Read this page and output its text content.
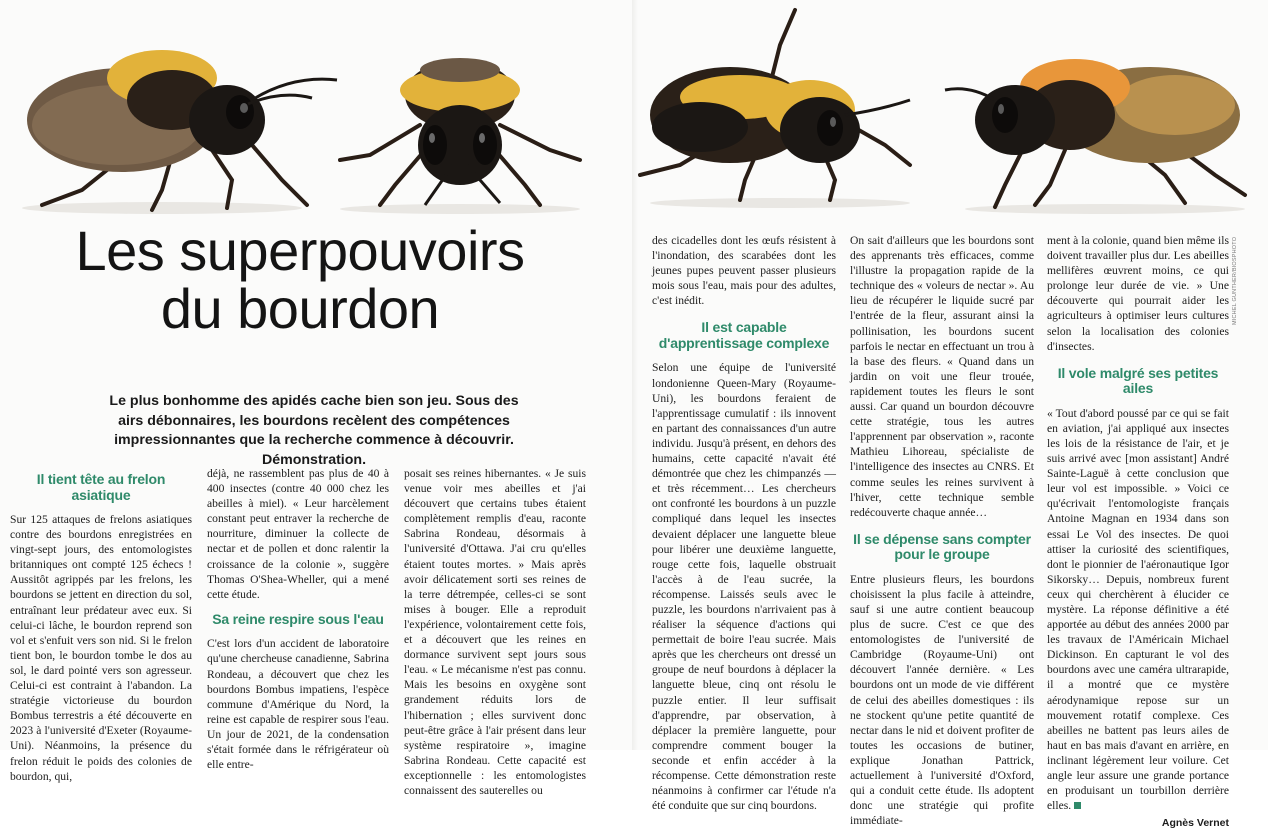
MICHEL GUNTHER/BIOSPHOTO
Les superpouvoirs
du bourdon

Le plus bonhomme des apidés cache bien son jeu. Sous des airs débonnaires, les bourdons recèlent des compétences impressionnantes que la recherche commence à découvrir. Démonstration.

Il tient tête au frelon asiatique

Sur 125 attaques de frelons asiatiques contre des bourdons enregistrées en vingt-sept jours, des entomologistes britanniques ont compté 125 échecs ! Aussitôt agrippés par les frelons, les bourdons se jettent en direction du sol, entraînant leur prédateur avec eux. Si celui-ci lâche, le bourdon reprend son vol et s'enfuit vers son nid. Si le frelon tient bon, le bourdon tombe le dos au sol, le dard pointé vers son agresseur. Celui-ci est contraint à l'abandon. La stratégie victorieuse du bourdon Bombus terrestris a été découverte en 2023 à l'université d'Exeter (Royaume-Uni). Néanmoins, la présence du frelon réduit le poids des colonies de bourdon, qui,

déjà, ne rassemblent pas plus de 40 à 400 insectes (contre 40 000 chez les abeilles à miel). « Leur harcèlement constant peut entraver la recherche de nourriture, diminuer la collecte de nectar et de pollen et donc ralentir la croissance de la colonie », suggère Thomas O'Shea-Wheller, qui a mené cette étude.

Sa reine respire sous l'eau

C'est lors d'un accident de laboratoire qu'une chercheuse canadienne, Sabrina Rondeau, a découvert que chez les bourdons Bombus impatiens, l'espèce commune d'Amérique du Nord, la reine est capable de respirer sous l'eau. Un jour de 2021, de la condensation s'était formée dans le réfrigérateur où elle entre-

posait ses reines hibernantes. « Je suis venue voir mes abeilles et j'ai découvert que certains tubes étaient complètement remplis d'eau, raconte Sabrina Rondeau, désormais à l'université d'Ottawa. J'ai cru qu'elles étaient toutes mortes. » Mais après avoir délicatement sorti ses reines de la terre détrempée, celles-ci se sont mises à bouger. Elle a reproduit l'expérience, volontairement cette fois, et a découvert que les reines en dormance survivent sept jours sous l'eau. « Le mécanisme n'est pas connu. Mais les besoins en oxygène sont grandement réduits lors de l'hibernation ; elles survivent donc peut-être grâce à l'air présent dans leur système respiratoire », imagine Sabrina Rondeau. Cette capacité est exceptionnelle : les entomologistes connaissent des sauterelles ou

des cicadelles dont les œufs résistent à l'inondation, des scarabées dont les jeunes pupes peuvent passer plusieurs mois sous l'eau, mais pour des adultes, c'est inédit.

Il est capable d'apprentissage complexe

Selon une équipe de l'université londonienne Queen-Mary (Royaume-Uni), les bourdons feraient de l'apprentissage cumulatif : ils innovent en partant des connaissances d'un autre individu. Jusqu'à présent, en dehors des humains, cette capacité n'avait été démontrée que chez les chimpanzés — et très récemment… Les chercheurs ont confronté les bourdons à un puzzle compliqué dans lequel les insectes devaient déplacer une languette bleue pour libérer une deuxième languette, rouge cette fois, laquelle obstruait l'accès à de l'eau sucrée, la récompense. Laissés seuls avec le puzzle, les bourdons n'arrivaient pas à réaliser la séquence d'actions qui permettait de boire l'eau sucrée. Mais après que les chercheurs ont dressé un groupe de neuf bourdons à déplacer la languette bleue, cinq ont résolu le puzzle entier. Il leur suffisait d'apprendre, par observation, à déplacer la première languette, pour comprendre comment bouger la seconde et enfin accéder à la récompense. Cette démonstration reste néanmoins à confirmer car l'étude n'a été conduite que sur cinq bourdons.

On sait d'ailleurs que les bourdons sont des apprenants très efficaces, comme l'illustre la propagation rapide de la technique des « voleurs de nectar ». Au lieu de récupérer le liquide sucré par l'entrée de la fleur, assurant ainsi la pollinisation, les bourdons sucent parfois le nectar en effectuant un trou à la base des fleurs. « Quand dans un jardin on voit une fleur trouée, rapidement toutes les fleurs le sont aussi. Car quand un bourdon découvre cette stratégie, tous les autres l'apprennent par observation », raconte Mathieu Lihoreau, spécialiste de l'intelligence des insectes au CNRS. Et comme seules les reines survivent à l'hiver, cette technique semble redécouverte chaque année…

Il se dépense sans compter pour le groupe

Entre plusieurs fleurs, les bourdons choisissent la plus facile à atteindre, sauf si une autre contient beaucoup plus de sucre. C'est ce que des entomologistes de l'université de Cambridge (Royaume-Uni) ont découvert l'année dernière. « Les bourdons ont un mode de vie différent de celui des abeilles domestiques : ils ne stockent qu'une petite quantité de nectar dans le nid et doivent profiter de toutes les occasions de butiner, explique Jonathan Pattrick, actuellement à l'université d'Oxford, qui a conduit cette étude. Ils adoptent donc une stratégie qui profite immédiate-

ment à la colonie, quand bien même ils doivent travailler plus dur. Les abeilles mellifères œuvrent moins, ce qui prolonge leur durée de vie. » Une découverte qui pourrait aider les agriculteurs à optimiser leurs cultures selon la localisation des colonies d'insectes.

Il vole malgré ses petites ailes

« Tout d'abord poussé par ce qui se fait en aviation, j'ai appliqué aux insectes les lois de la résistance de l'air, et je suis arrivé avec [mon assistant] André Sainte-Laguë à cette conclusion que leur vol est impossible. » Voici ce qu'écrivait l'entomologiste français Antoine Magnan en 1934 dans son essai Le Vol des insectes. De quoi attiser la curiosité des scientifiques, dont le pionnier de l'aéronautique Igor Sikorsky… Depuis, nombreux furent ceux qui cherchèrent à élucider ce mystère. La réponse définitive a été apportée au début des années 2000 par les travaux de l'Américain Michael Dickinson. En capturant le vol des bourdons avec une caméra ultrarapide, il a montré que ce mystère aérodynamique repose sur un mouvement rotatif complexe. Ces abeilles ne battent pas leurs ailes de haut en bas mais d'avant en arrière, en inclinant légèrement leur voilure. Cet angle leur assure une grande portance en produisant un tourbillon derrière elles.

Agnès Vernet
